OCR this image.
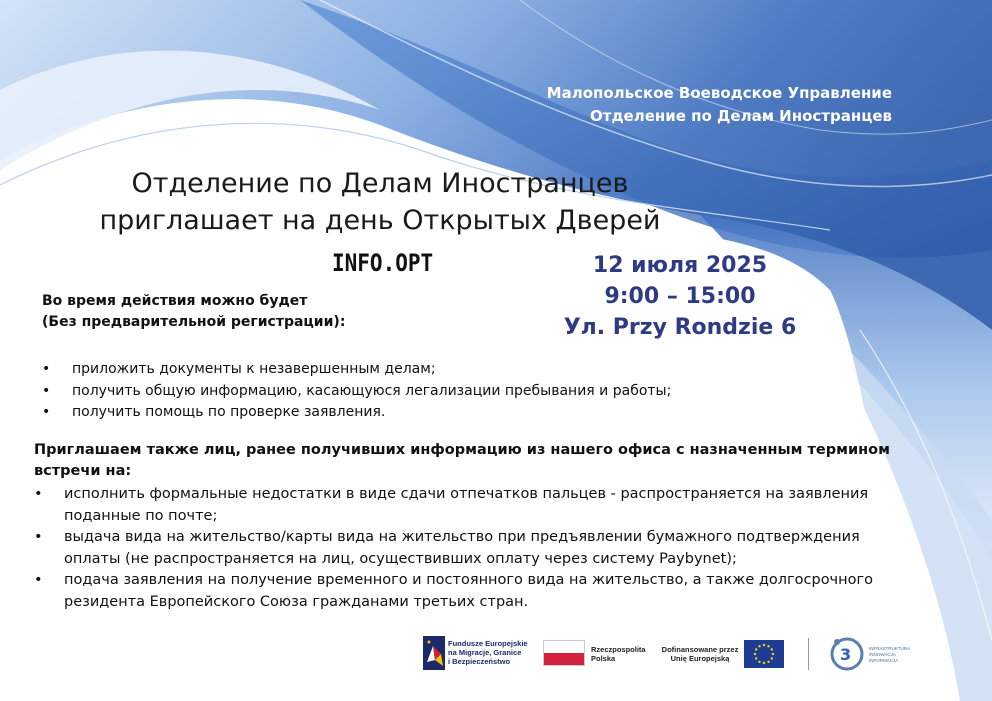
Малопольское Воеводское Управление
Отделение по Делам Иностранцев
Отделение по Делам Иностранцев
приглашает на день Открытых Дверей
INFO.OPT	12 июля 2025
9:00 – 15:00
Ул. Przy Rondzie 6
Во время действия можно будет
(Без предварительной регистрации):
• приложить документы к незавершенным делам;
• получить общую информацию, касающуюся легализации пребывания и работы;
• получить помощь по проверке заявления.
Приглашаем также лиц, ранее получивших информацию из нашего офиса с назначенным термином встречи на:
• исполнить формальные недостатки в виде сдачи отпечатков пальцев - распространяется на заявления поданные по почте;
• выдача вида на жительство/карты вида на жительство при предъявлении бумажного подтверждения оплаты (не распространяется на лиц, осуществивших оплату через систему Paybynet);
• подача заявления на получение временного и постоянного вида на жительство, а также долгосрочного резидента Европейского Союза гражданами третьих стран.
Fundusze Europejskie
na Migracje, Granice
i Bezpieczeństwo
Rzeczpospolita
Polska
Dofinansowane przez
Unię Europejską	3	INFRASTRUKTURA
INNOWACJA
INFORMACJA
